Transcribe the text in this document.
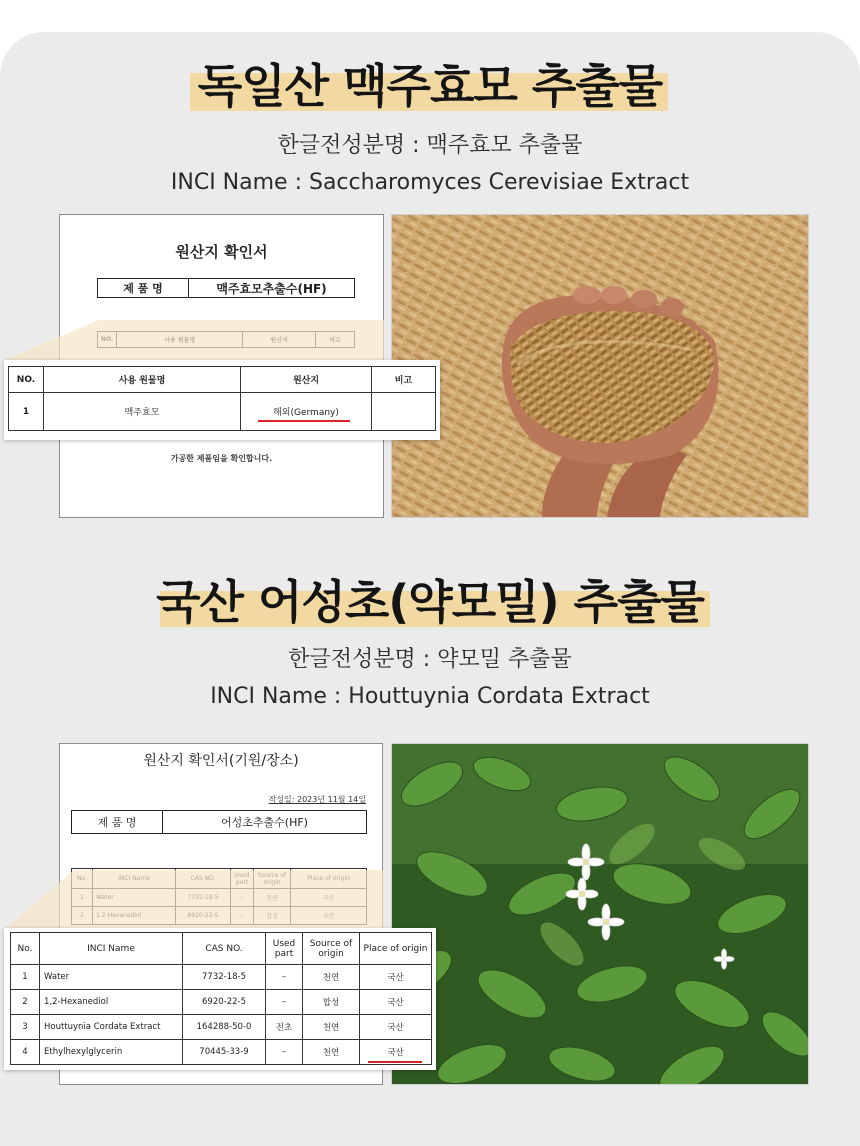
독일산 맥주효모 추출물
한글전성분명 : 맥주효모 추출물
INCI Name : Saccharomyces Cerevisiae Extract
원산지 확인서
제 품 명	맥주효모추출수(HF)

가공한 제품임을 확인합니다.
NO.	사용 원물명	원산지	비고
1	맥주효모	해외(Germany)	
국산 어성초(약모밀) 추출물
한글전성분명 : 약모밀 추출물
INCI Name : Houttuynia Cordata Extract
원산지 확인서(기원/장소)
작성일: 2023년 11월 14일
제 품 명	어성초추출수(HF)

No.	INCI Name	CAS NO.	Used part	Source of origin	Place of origin
1	Water	7732-18-5	–	천연	국산
2	1,2-Hexanediol	6920-22-5	–	합성	국산
3	Houttuynia Cordata Extract	164288-50-0	전초	천연	국산
4	Ethylhexylglycerin	70445-33-9	–	천연	국산
